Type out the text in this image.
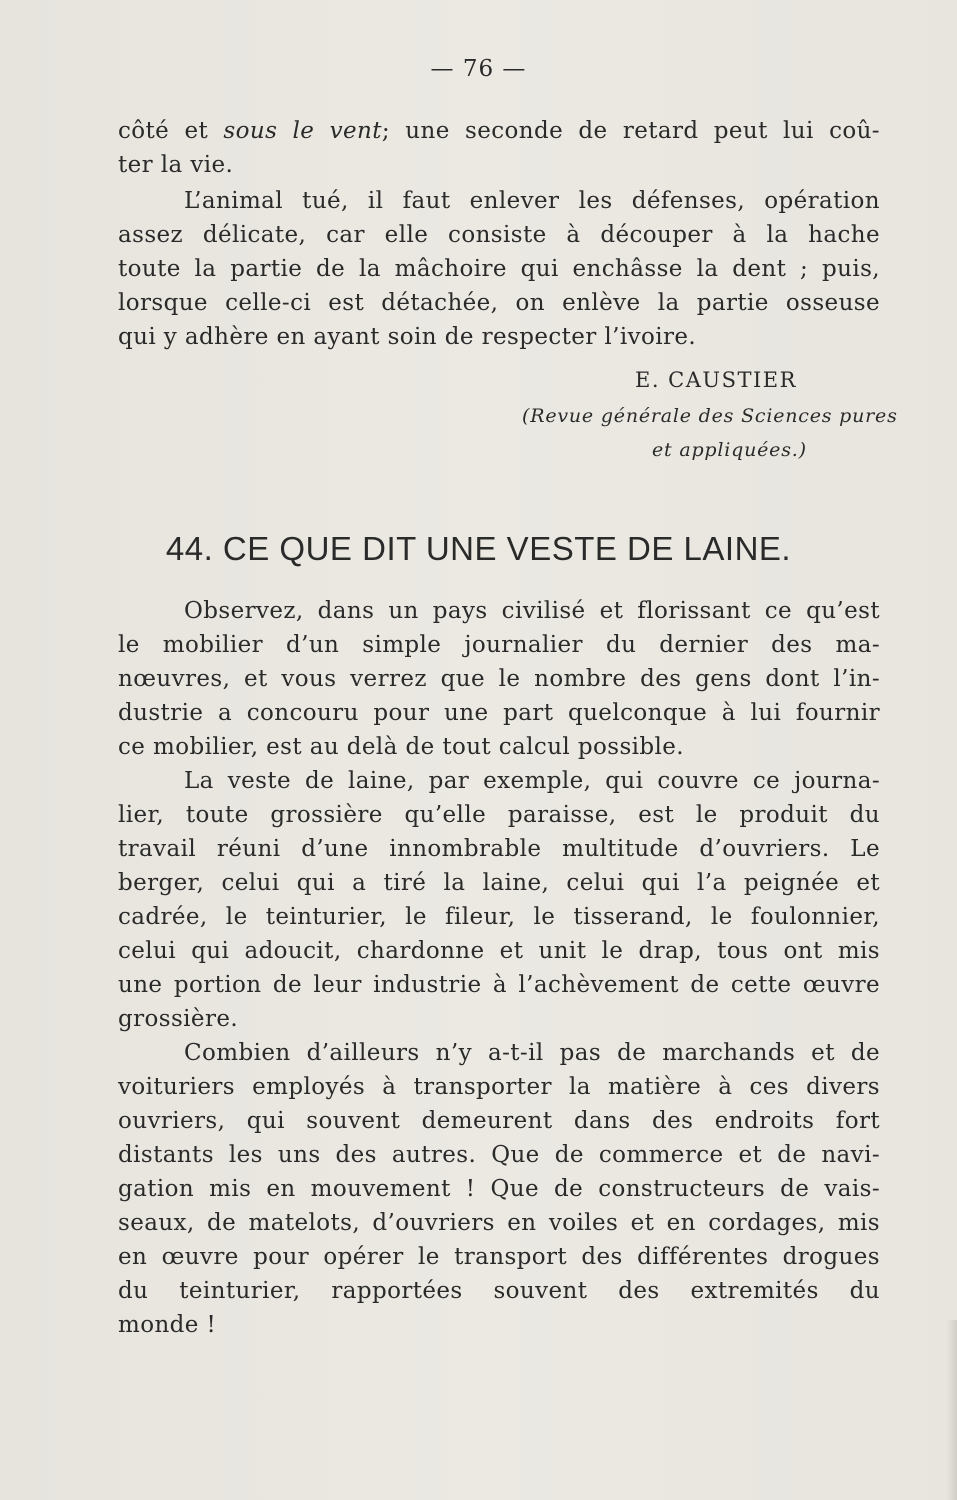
— 76 —
côté et sous le vent; une seconde de retard peut lui coû-
ter la vie.
L’animal tué, il faut enlever les défenses, opération
assez délicate, car elle consiste à découper à la hache
toute la partie de la mâchoire qui enchâsse la dent ; puis,
lorsque celle-ci est détachée, on enlève la partie osseuse
qui y adhère en ayant soin de respecter l’ivoire.
E. CAUSTIER
(Revue générale des Sciences pures
et appliquées.)
44. CE QUE DIT UNE VESTE DE LAINE.
Observez, dans un pays civilisé et florissant ce qu’est
le mobilier d’un simple journalier du dernier des ma-
nœuvres, et vous verrez que le nombre des gens dont l’in-
dustrie a concouru pour une part quelconque à lui fournir
ce mobilier, est au delà de tout calcul possible.
La veste de laine, par exemple, qui couvre ce journa-
lier, toute grossière qu’elle paraisse, est le produit du
travail réuni d’une innombrable multitude d’ouvriers. Le
berger, celui qui a tiré la laine, celui qui l’a peignée et
cadrée, le teinturier, le fileur, le tisserand, le foulonnier,
celui qui adoucit, chardonne et unit le drap, tous ont mis
une portion de leur industrie à l’achèvement de cette œuvre
grossière.
Combien d’ailleurs n’y a-t-il pas de marchands et de
voituriers employés à transporter la matière à ces divers
ouvriers, qui souvent demeurent dans des endroits fort
distants les uns des autres. Que de commerce et de navi-
gation mis en mouvement ! Que de constructeurs de vais-
seaux, de matelots, d’ouvriers en voiles et en cordages, mis
en œuvre pour opérer le transport des différentes drogues
du teinturier, rapportées souvent des extremités du
monde !
